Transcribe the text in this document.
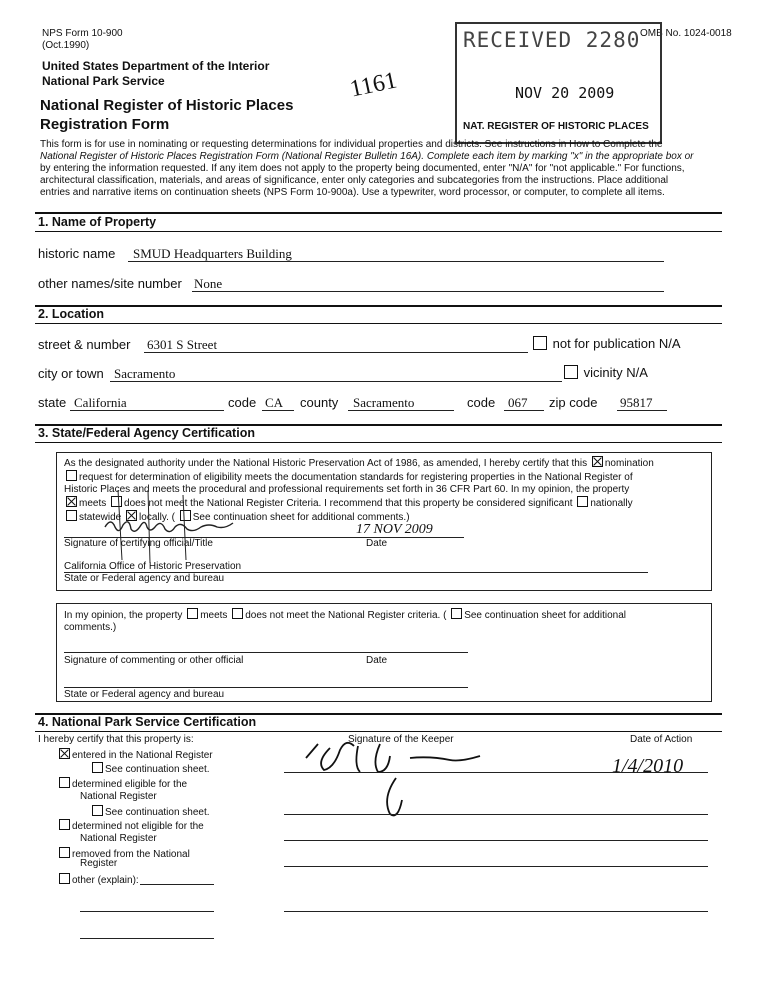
NPS Form 10-900
(Oct.1990)
United States Department of the Interior
National Park Service
National Register of Historic Places
Registration Form
OMB No. 1024-0018
1161
RECEIVED 2280
NOV 20 2009
NAT. REGISTER OF HISTORIC PLACES
This form is for use in nominating or requesting determinations for individual properties and districts. See instructions in How to Complete the
National Register of Historic Places Registration Form (National Register Bulletin 16A). Complete each item by marking "x" in the appropriate box or
by entering the information requested. If any item does not apply to the property being documented, enter "N/A" for "not applicable." For functions,
architectural classification, materials, and areas of significance, enter only categories and subcategories from the instructions. Place additional
entries and narrative items on continuation sheets (NPS Form 10-900a). Use a typewriter, word processor, or computer, to complete all items.
1. Name of Property
historic name SMUD Headquarters Building
other names/site number None
2. Location
street & number 6301 S Street	not for publication N/A
city or town Sacramento	vicinity N/A
state California	code CA county Sacramento	code 067 zip code 95817
3. State/Federal Agency Certification
As the designated authority under the National Historic Preservation Act of 1986, as amended, I hereby certify that this nomination
request for determination of eligibility meets the documentation standards for registering properties in the National Register of
Historic Places and meets the procedural and professional requirements set forth in 36 CFR Part 60. In my opinion, the property
meets does not meet the National Register Criteria. I recommend that this property be considered significant nationally
statewide locally. ( See continuation sheet for additional comments.)
17 NOV 2009
Signature of certifying official/Title	Date
California Office of Historic Preservation
State or Federal agency and bureau
In my opinion, the property meets does not meet the National Register criteria. ( See continuation sheet for additional
comments.)
Signature of commenting or other official	Date
State or Federal agency and bureau
4. National Park Service Certification
I hereby certify that this property is:	Signature of the Keeper	Date of Action
entered in the National Register
See continuation sheet.
determined eligible for the
National Register
See continuation sheet.
determined not eligible for the
National Register
removed from the National
Register
other (explain):
1/4/2010
